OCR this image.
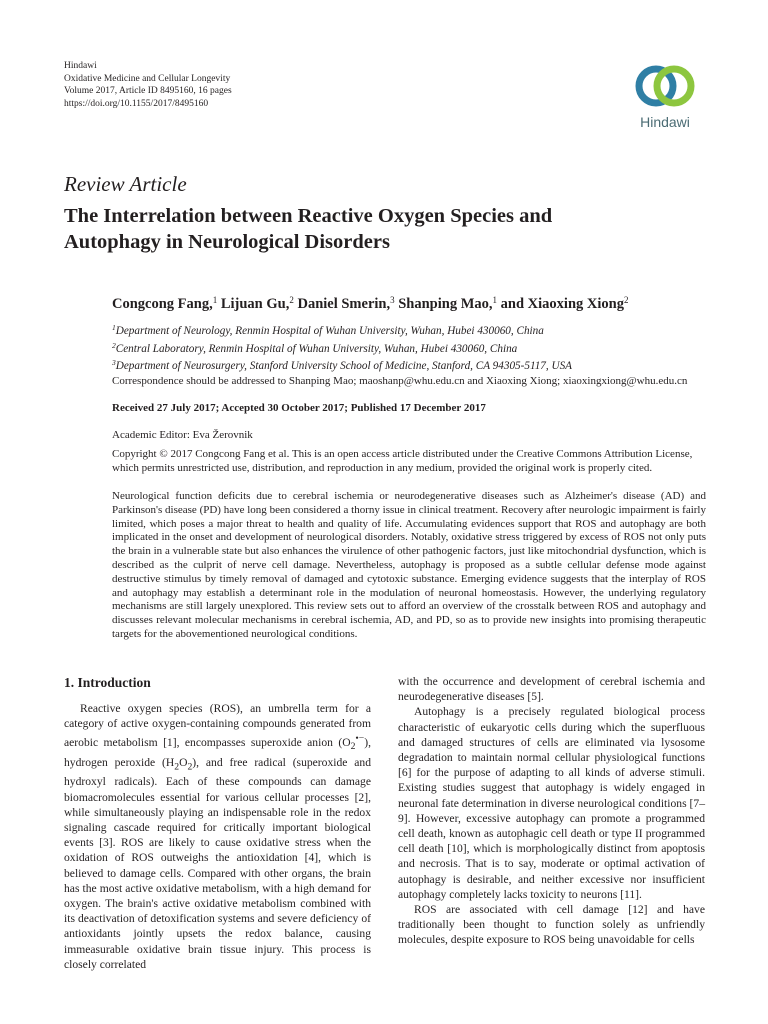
Hindawi
Oxidative Medicine and Cellular Longevity
Volume 2017, Article ID 8495160, 16 pages
https://doi.org/10.1155/2017/8495160
Hindawi
Review Article
The Interrelation between Reactive Oxygen Species and
Autophagy in Neurological Disorders
Congcong Fang,$^1$ Lijuan Gu,$^2$ Daniel Smerin,$^3$ Shanping Mao,$^1$ and Xiaoxing Xiong$^2$
$^1$Department of Neurology, Renmin Hospital of Wuhan University, Wuhan, Hubei 430060, China
$^2$Central Laboratory, Renmin Hospital of Wuhan University, Wuhan, Hubei 430060, China
$^3$Department of Neurosurgery, Stanford University School of Medicine, Stanford, CA 94305-5117, USA
Correspondence should be addressed to Shanping Mao; maoshanp@whu.edu.cn and Xiaoxing Xiong; xiaoxingxiong@whu.edu.cn
Received 27 July 2017; Accepted 30 October 2017; Published 17 December 2017
Academic Editor: Eva Žerovnik
Copyright © 2017 Congcong Fang et al. This is an open access article distributed under the Creative Commons Attribution License,
which permits unrestricted use, distribution, and reproduction in any medium, provided the original work is properly cited.

Neurological function deficits due to cerebral ischemia or neurodegenerative diseases such as Alzheimer's disease (AD) and Parkinson's disease (PD) have long been considered a thorny issue in clinical treatment. Recovery after neurologic impairment is fairly limited, which poses a major threat to health and quality of life. Accumulating evidences support that ROS and autophagy are both implicated in the onset and development of neurological disorders. Notably, oxidative stress triggered by excess of ROS not only puts the brain in a vulnerable state but also enhances the virulence of other pathogenic factors, just like mitochondrial dysfunction, which is described as the culprit of nerve cell damage. Nevertheless, autophagy is proposed as a subtle cellular defense mode against destructive stimulus by timely removal of damaged and cytotoxic substance. Emerging evidence suggests that the interplay of ROS and autophagy may establish a determinant role in the modulation of neuronal homeostasis. However, the underlying regulatory mechanisms are still largely unexplored. This review sets out to afford an overview of the crosstalk between ROS and autophagy and discusses relevant molecular mechanisms in cerebral ischemia, AD, and PD, so as to provide new insights into promising therapeutic targets for the abovementioned neurological conditions.

1. Introduction

Reactive oxygen species (ROS), an umbrella term for a category of active oxygen-containing compounds generated from aerobic metabolism [1], encompasses superoxide anion $(O_2^{•-})$, hydrogen peroxide $(H_2O_2)$, and free radical (superoxide and hydroxyl radicals). Each of these compounds can damage biomacromolecules essential for various cellular processes [2], while simultaneously playing an indispensable role in the redox signaling cascade required for critically important biological events [3]. ROS are likely to cause oxidative stress when the oxidation of ROS outweighs the antioxidation [4], which is believed to damage cells. Compared with other organs, the brain has the most active oxidative metabolism, with a high demand for oxygen. The brain's active oxidative metabolism combined with its deactivation of detoxification systems and severe deficiency of antioxidants jointly upsets the redox balance, causing immeasurable oxidative brain tissue injury. This process is closely correlated

with the occurrence and development of cerebral ischemia and neurodegenerative diseases [5].

Autophagy is a precisely regulated biological process characteristic of eukaryotic cells during which the superfluous and damaged structures of cells are eliminated via lysosome degradation to maintain normal cellular physiological functions [6] for the purpose of adapting to all kinds of adverse stimuli. Existing studies suggest that autophagy is widely engaged in neuronal fate determination in diverse neurological conditions [7–9]. However, excessive autophagy can promote a programmed cell death, known as autophagic cell death or type II programmed cell death [10], which is morphologically distinct from apoptosis and necrosis. That is to say, moderate or optimal activation of autophagy is desirable, and neither excessive nor insufficient autophagy completely lacks toxicity to neurons [11].

ROS are associated with cell damage [12] and have traditionally been thought to function solely as unfriendly molecules, despite exposure to ROS being unavoidable for cells
